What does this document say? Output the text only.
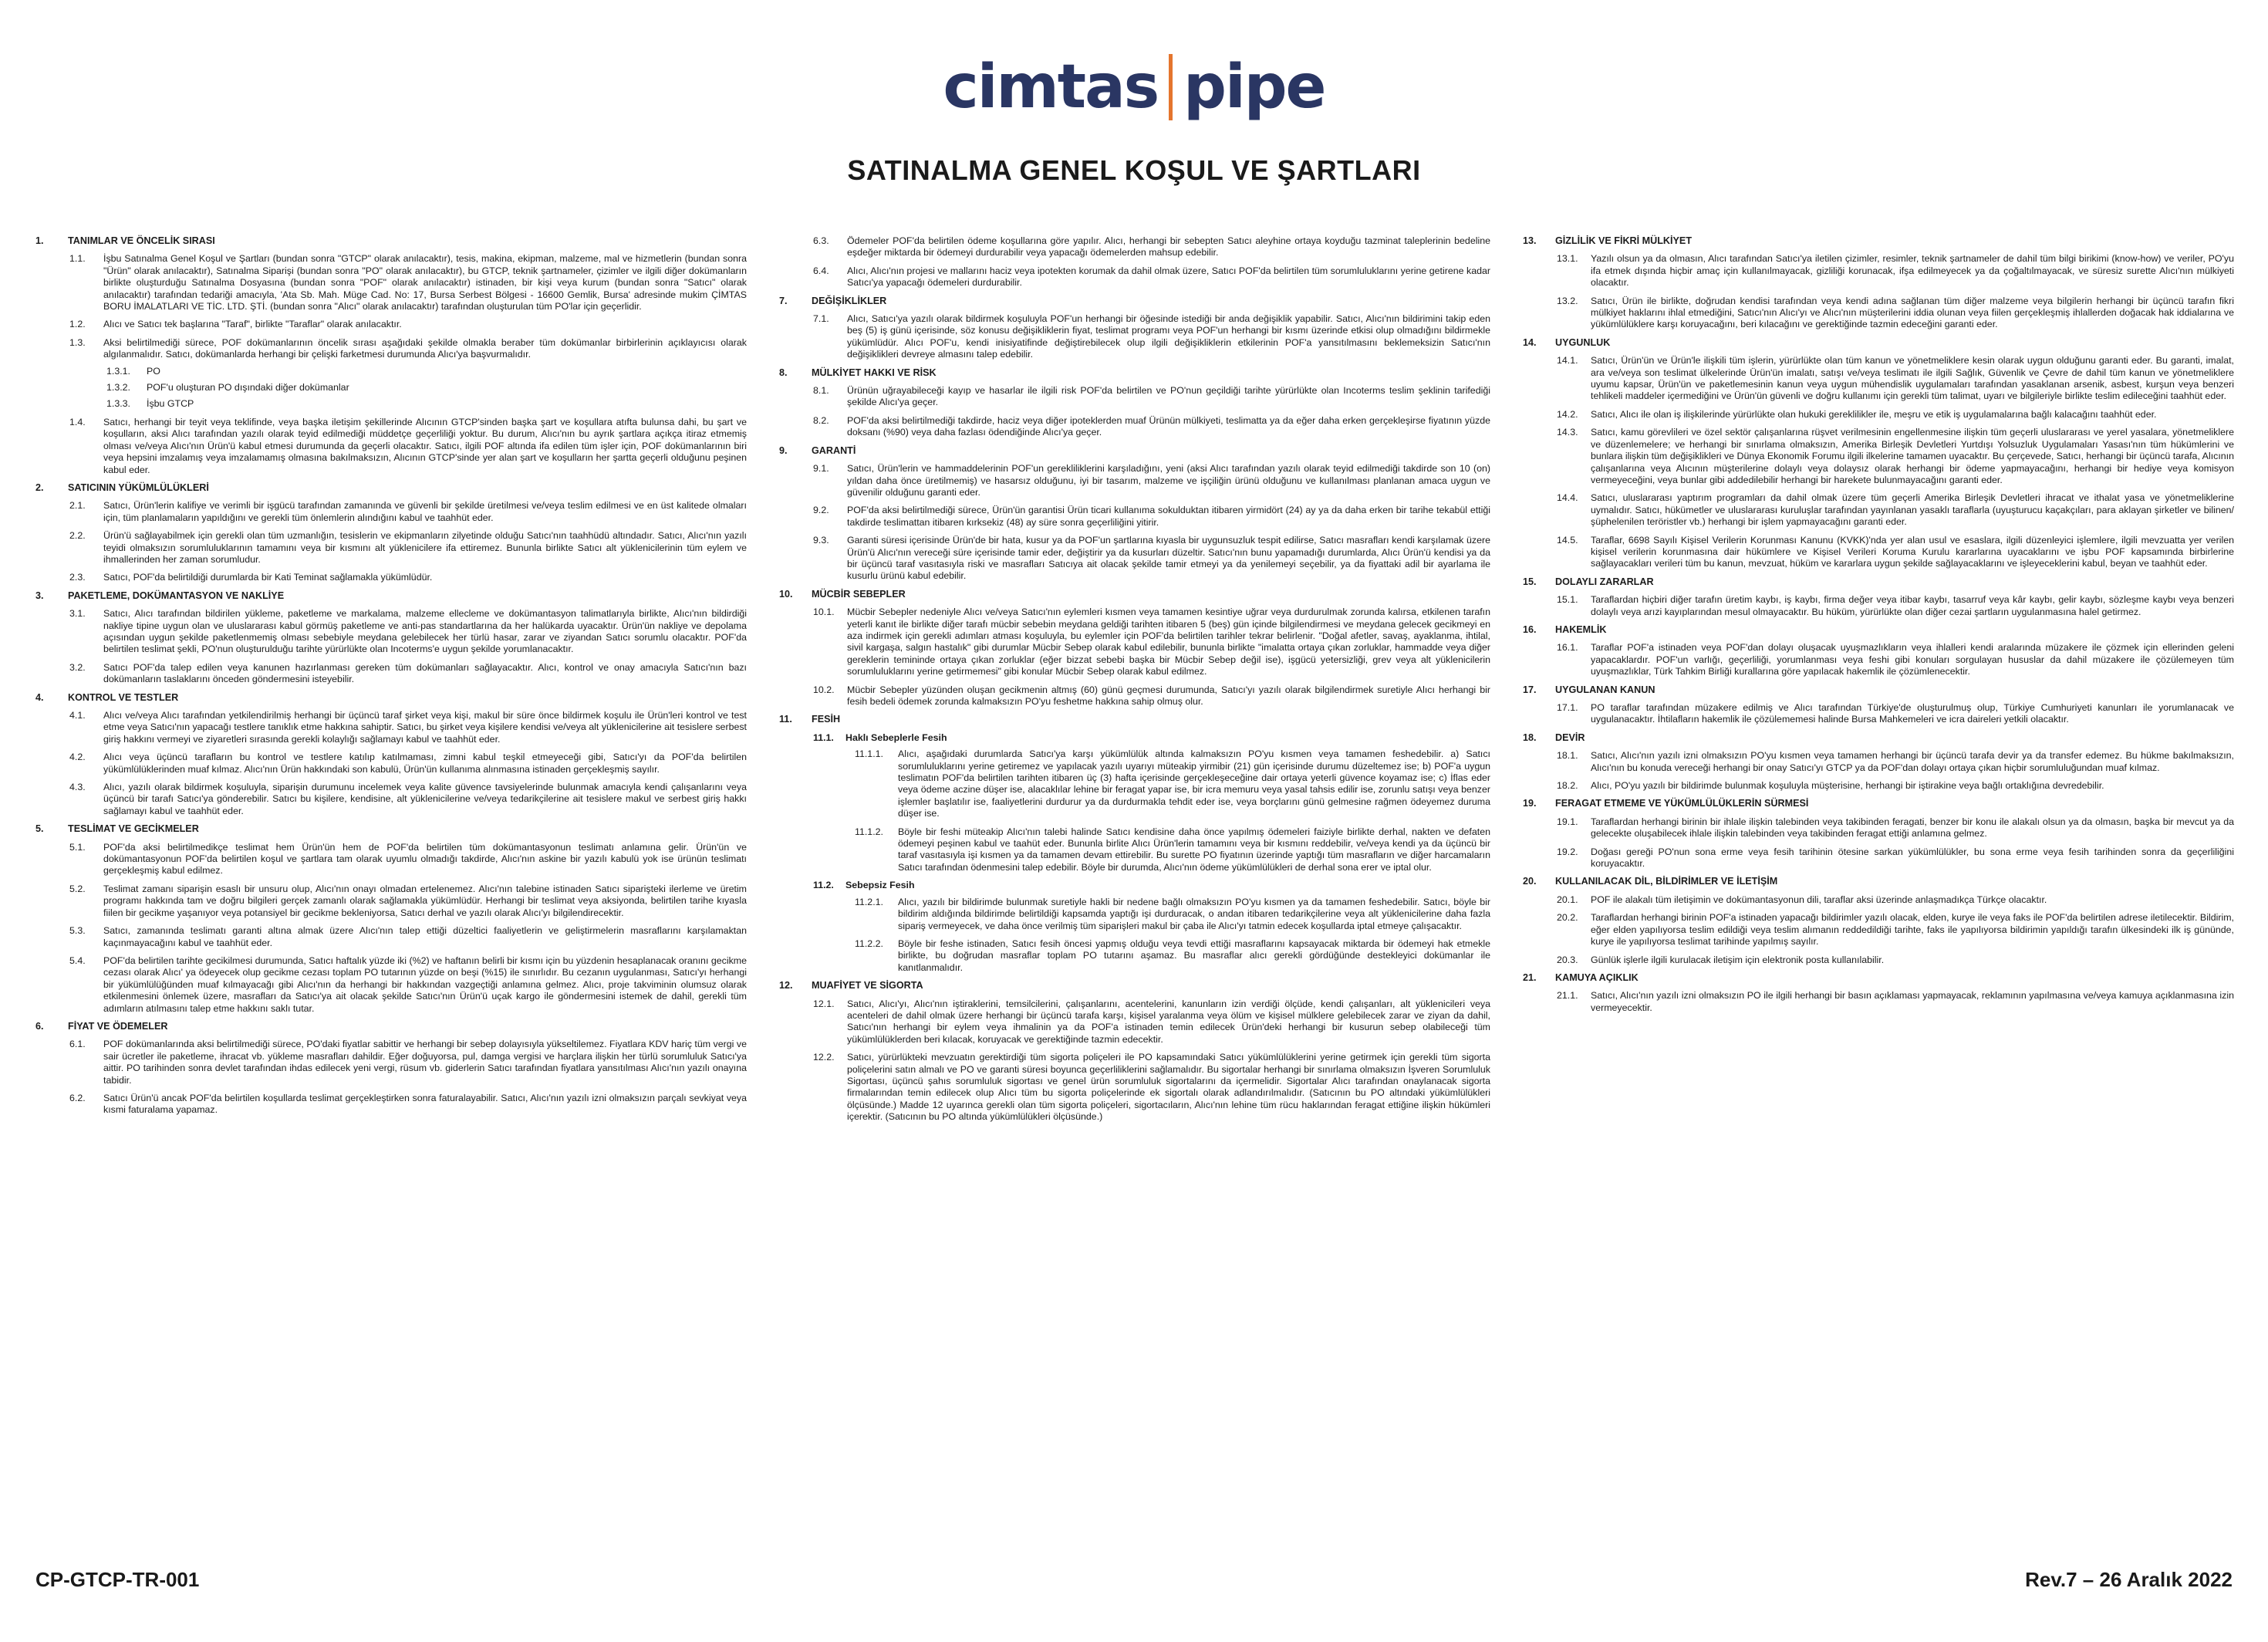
cimtas pipe
SATINALMA GENEL KOŞUL VE ŞARTLARI
1.	TANIMLAR VE ÖNCELİK SIRASI
1.1.	İşbu Satınalma Genel Koşul ve Şartları (bundan sonra "GTCP" olarak anılacaktır), tesis, makina, ekipman, malzeme, mal ve hizmetlerin (bundan sonra "Ürün" olarak anılacaktır), Satınalma Siparişi (bundan sonra "PO" olarak anılacaktır), bu GTCP, teknik şartnameler, çizimler ve ilgili diğer dokümanların birlikte oluşturduğu Satınalma Dosyasına (bundan sonra "POF" olarak anılacaktır) istinaden, bir kişi veya kurum (bundan sonra "Satıcı" olarak anılacaktır) tarafından tedariği amacıyla, 'Ata Sb. Mah. Müge Cad. No: 17, Bursa Serbest Bölgesi - 16600 Gemlik, Bursa' adresinde mukim ÇİMTAS BORU İMALATLARI VE TİC. LTD. ŞTİ. (bundan sonra "Alıcı" olarak anılacaktır) tarafından oluşturulan tüm PO'lar için geçerlidir.
1.2.	Alıcı ve Satıcı tek başlarına "Taraf", birlikte "Taraflar" olarak anılacaktır.
1.3.	Aksi belirtilmediği sürece, POF dokümanlarının öncelik sırası aşağıdaki şekilde olmakla beraber tüm dokümanlar birbirlerinin açıklayıcısı olarak algılanmalıdır. Satıcı, dokümanlarda herhangi bir çelişki farketmesi durumunda Alıcı'ya başvurmalıdır.
1.3.1.	PO
1.3.2.	POF'u oluşturan PO dışındaki diğer dokümanlar
1.3.3.	İşbu GTCP
1.4.	Satıcı, herhangi bir teyit veya teklifinde, veya başka iletişim şekillerinde Alıcının GTCP'sinden başka şart ve koşullara atıfta bulunsa dahi, bu şart ve koşulların, aksi Alıcı tarafından yazılı olarak teyid edilmediği müddetçe geçerliliği yoktur. Bu durum, Alıcı'nın bu ayrık şartlara açıkça itiraz etmemiş olması ve/veya Alıcı'nın Ürün'ü kabul etmesi durumunda da geçerli olacaktır. Satıcı, ilgili POF altında ifa edilen tüm işler için, POF dokümanlarının biri veya hepsini imzalamış veya imzalamamış olmasına bakılmaksızın, Alıcının GTCP'sinde yer alan şart ve koşulların her şartta geçerli olduğunu peşinen kabul eder.
2.	SATICININ YÜKÜMLÜLÜKLERİ
2.1.	Satıcı, Ürün'lerin kalifiye ve verimli bir işgücü tarafından zamanında ve güvenli bir şekilde üretilmesi ve/veya teslim edilmesi ve en üst kalitede olmaları için, tüm planlamaların yapıldığını ve gerekli tüm önlemlerin alındığını kabul ve taahhüt eder.
2.2.	Ürün'ü sağlayabilmek için gerekli olan tüm uzmanlığın, tesislerin ve ekipmanların zilyetinde olduğu Satıcı'nın taahhüdü altındadır. Satıcı, Alıcı'nın yazılı teyidi olmaksızın sorumluluklarının tamamını veya bir kısmını alt yüklenicilere ifa ettiremez. Bununla birlikte Satıcı alt yüklenicilerinin tüm eylem ve ihmallerinden her zaman sorumludur.
2.3.	Satıcı, POF'da belirtildiği durumlarda bir Kati Teminat sağlamakla yükümlüdür.
3.	PAKETLEME, DOKÜMANTASYON VE NAKLİYE
3.1.	Satıcı, Alıcı tarafından bildirilen yükleme, paketleme ve markalama, malzeme ellecleme ve dokümantasyon talimatlarıyla birlikte, Alıcı'nın bildirdiği nakliye tipine uygun olan ve uluslararası kabul görmüş paketleme ve anti-pas standartlarına da her halükarda uyacaktır. Ürün'ün nakliye ve depolama açısından uygun şekilde paketlenmemiş olması sebebiyle meydana gelebilecek her türlü hasar, zarar ve ziyandan Satıcı sorumlu olacaktır. POF'da belirtilen teslimat şekli, PO'nun oluşturulduğu tarihte yürürlükte olan Incoterms'e uygun şekilde yorumlanacaktır.
3.2.	Satıcı POF'da talep edilen veya kanunen hazırlanması gereken tüm dokümanları sağlayacaktır. Alıcı, kontrol ve onay amacıyla Satıcı'nın bazı dokümanların taslaklarını önceden göndermesini isteyebilir.
4.	KONTROL VE TESTLER
4.1.	Alıcı ve/veya Alıcı tarafından yetkilendirilmiş herhangi bir üçüncü taraf şirket veya kişi, makul bir süre önce bildirmek koşulu ile Ürün'leri kontrol ve test etme veya Satıcı'nın yapacağı testlere tanıklık etme hakkına sahiptir. Satıcı, bu şirket veya kişilere kendisi ve/veya alt yüklenicilerine ait tesislere serbest giriş hakkını vermeyi ve ziyaretleri sırasında gerekli kolaylığı sağlamayı kabul ve taahhüt eder.
4.2.	Alıcı veya üçüncü tarafların bu kontrol ve testlere katılıp katılmaması, zimni kabul teşkil etmeyeceği gibi, Satıcı'yı da POF'da belirtilen yükümlülüklerinden muaf kılmaz. Alıcı'nın Ürün hakkındaki son kabulü, Ürün'ün kullanıma alınmasına istinaden gerçekleşmiş sayılır.
4.3.	Alıcı, yazılı olarak bildirmek koşuluyla, siparişin durumunu incelemek veya kalite güvence tavsiyelerinde bulunmak amacıyla kendi çalışanlarını veya üçüncü bir tarafı Satıcı'ya gönderebilir. Satıcı bu kişilere, kendisine, alt yüklenicilerine ve/veya tedarikçilerine ait tesislere makul ve serbest giriş hakkı sağlamayı kabul ve taahhüt eder.
5.	TESLİMAT VE GECİKMELER
5.1.	POF'da aksi belirtilmedikçe teslimat hem Ürün'ün hem de POF'da belirtilen tüm dokümantasyonun teslimatı anlamına gelir. Ürün'ün ve dokümantasyonun POF'da belirtilen koşul ve şartlara tam olarak uyumlu olmadığı takdirde, Alıcı'nın askine bir yazılı kabulü yok ise ürünün teslimatı gerçekleşmiş kabul edilmez.
5.2.	Teslimat zamanı siparişin esaslı bir unsuru olup, Alıcı'nın onayı olmadan ertelenemez. Alıcı'nın talebine istinaden Satıcı siparişteki ilerleme ve üretim programı hakkında tam ve doğru bilgileri gerçek zamanlı olarak sağlamakla yükümlüdür. Herhangi bir teslimat veya aksiyonda, belirtilen tarihe kıyasla fiilen bir gecikme yaşanıyor veya potansiyel bir gecikme bekleniyorsa, Satıcı derhal ve yazılı olarak Alıcı'yı bilgilendirecektir.
5.3.	Satıcı, zamanında teslimatı garanti altına almak üzere Alıcı'nın talep ettiği düzeltici faaliyetlerin ve geliştirmelerin masraflarını karşılamaktan kaçınmayacağını kabul ve taahhüt eder.
5.4.	POF'da belirtilen tarihte gecikilmesi durumunda, Satıcı haftalık yüzde iki (%2) ve haftanın belirli bir kısmı için bu yüzdenin hesaplanacak oranını gecikme cezası olarak Alıcı' ya ödeyecek olup gecikme cezası toplam PO tutarının yüzde on beşi (%15) ile sınırlıdır. Bu cezanın uygulanması, Satıcı'yı herhangi bir yükümlülüğünden muaf kılmayacağı gibi Alıcı'nın da herhangi bir hakkından vazgeçtiği anlamına gelmez. Alıcı, proje takviminin olumsuz olarak etkilenmesini önlemek üzere, masrafları da Satıcı'ya ait olacak şekilde Satıcı'nın Ürün'ü uçak kargo ile göndermesini istemek de dahil, gerekli tüm adımların atılmasını talep etme hakkını saklı tutar.
6.	FİYAT VE ÖDEMELER
6.1.	POF dokümanlarında aksi belirtilmediği sürece, PO'daki fiyatlar sabittir ve herhangi bir sebep dolayısıyla yükseltilemez. Fiyatlara KDV hariç tüm vergi ve sair ücretler ile paketleme, ihracat vb. yükleme masrafları dahildir. Eğer doğuyorsa, pul, damga vergisi ve harçlara ilişkin her türlü sorumluluk Satıcı'ya aittir. PO tarihinden sonra devlet tarafından ihdas edilecek yeni vergi, rüsum vb. giderlerin Satıcı tarafından fiyatlara yansıtılması Alıcı'nın yazılı onayına tabidir.
6.2.	Satıcı Ürün'ü ancak POF'da belirtilen koşullarda teslimat gerçekleştirken sonra faturalayabilir. Satıcı, Alıcı'nın yazılı izni olmaksızın parçalı sevkiyat veya kısmi faturalama yapamaz.
6.3.	Ödemeler POF'da belirtilen ödeme koşullarına göre yapılır. Alıcı, herhangi bir sebepten Satıcı aleyhine ortaya koyduğu tazminat taleplerinin bedeline eşdeğer miktarda bir ödemeyi durdurabilir veya yapacağı ödemelerden mahsup edebilir.
6.4.	Alıcı, Alıcı'nın projesi ve mallarını haciz veya ipotekten korumak da dahil olmak üzere, Satıcı POF'da belirtilen tüm sorumluluklarını yerine getirene kadar Satıcı'ya yapacağı ödemeleri durdurabilir.
7.	DEĞİŞİKLİKLER
7.1.	Alıcı, Satıcı'ya yazılı olarak bildirmek koşuluyla POF'un herhangi bir öğesinde istediği bir anda değişiklik yapabilir. Satıcı, Alıcı'nın bildirimini takip eden beş (5) iş günü içerisinde, söz konusu değişikliklerin fiyat, teslimat programı veya POF'un herhangi bir kısmı üzerinde etkisi olup olmadığını bildirmekle yükümlüdür. Alıcı POF'u, kendi inisiyatifinde değiştirebilecek olup ilgili değişikliklerin etkilerinin POF'a yansıtılmasını beklemeksizin Satıcı'nın değişiklikleri devreye almasını talep edebilir.
8.	MÜLKİYET HAKKI VE RİSK
8.1.	Ürünün uğrayabileceği kayıp ve hasarlar ile ilgili risk POF'da belirtilen ve PO'nun geçildiği tarihte yürürlükte olan Incoterms teslim şeklinin tarifediği şekilde Alıcı'ya geçer.
8.2.	POF'da aksi belirtilmediği takdirde, haciz veya diğer ipoteklerden muaf Ürünün mülkiyeti, teslimatta ya da eğer daha erken gerçekleşirse fiyatının yüzde doksanı (%90) veya daha fazlası ödendiğinde Alıcı'ya geçer.
9.	GARANTİ
9.1.	Satıcı, Ürün'lerin ve hammaddelerinin POF'un gerekliliklerini karşıladığını, yeni (aksi Alıcı tarafından yazılı olarak teyid edilmediği takdirde son 10 (on) yıldan daha önce üretilmemiş) ve hasarsız olduğunu, iyi bir tasarım, malzeme ve işçiliğin ürünü olduğunu ve kullanılması planlanan amaca uygun ve güvenilir olduğunu garanti eder.
9.2.	POF'da aksi belirtilmediği sürece, Ürün'ün garantisi Ürün ticari kullanıma sokulduktan itibaren yirmidört (24) ay ya da daha erken bir tarihe tekabül ettiği takdirde teslimattan itibaren kırksekiz (48) ay süre sonra geçerliliğini yitirir.
9.3.	Garanti süresi içerisinde Ürün'de bir hata, kusur ya da POF'un şartlarına kıyasla bir uygunsuzluk tespit edilirse, Satıcı masrafları kendi karşılamak üzere Ürün'ü Alıcı'nın vereceği süre içerisinde tamir eder, değiştirir ya da kusurları düzeltir. Satıcı'nın bunu yapamadığı durumlarda, Alıcı Ürün'ü kendisi ya da bir üçüncü taraf vasıtasıyla riski ve masrafları Satıcıya ait olacak şekilde tamir etmeyi ya da yenilemeyi seçebilir, ya da fiyattaki adil bir ayarlama ile kusurlu ürünü kabul edebilir.
10.	MÜCBİR SEBEPLER
10.1.	Mücbir Sebepler nedeniyle Alıcı ve/veya Satıcı'nın eylemleri kısmen veya tamamen kesintiye uğrar veya durdurulmak zorunda kalırsa, etkilenen tarafın yeterli kanıt ile birlikte diğer tarafı mücbir sebebin meydana geldiği tarihten itibaren 5 (beş) gün içinde bilgilendirmesi ve meydana gelecek gecikmeyi en aza indirmek için gerekli adımları atması koşuluyla, bu eylemler için POF'da belirtilen tarihler tekrar belirlenir. "Doğal afetler, savaş, ayaklanma, ihtilal, sivil kargaşa, salgın hastalık" gibi durumlar Mücbir Sebep olarak kabul edilebilir, bununla birlikte "imalatta ortaya çıkan zorluklar, hammadde veya diğer gereklerin temininde ortaya çıkan zorluklar (eğer bizzat sebebi başka bir Mücbir Sebep değil ise), işgücü yetersizliği, grev veya alt yüklenicilerin sorumluluklarını yerine getirmemesi" gibi konular Mücbir Sebep olarak kabul edilmez.
10.2.	Mücbir Sebepler yüzünden oluşan gecikmenin altmış (60) günü geçmesi durumunda, Satıcı'yı yazılı olarak bilgilendirmek suretiyle Alıcı herhangi bir fesih bedeli ödemek zorunda kalmaksızın PO'yu feshetme hakkına sahip olmuş olur.
11.	FESİH
11.1.	Haklı Sebeplerle Fesih
11.1.1.	Alıcı, aşağıdaki durumlarda Satıcı'ya karşı yükümlülük altında kalmaksızın PO'yu kısmen veya tamamen feshedebilir. a) Satıcı sorumluluklarını yerine getiremez ve yapılacak yazılı uyarıyı müteakip yirmibir (21) gün içerisinde durumu düzeltemez ise; b) POF'a uygun teslimatın POF'da belirtilen tarihten itibaren üç (3) hafta içerisinde gerçekleşeceğine dair ortaya yeterli güvence koyamaz ise; c) İflas eder veya ödeme aczine düşer ise, alacaklılar lehine bir feragat yapar ise, bir icra memuru veya yasal tahsis edilir ise, zorunlu satışı veya benzer işlemler başlatılır ise, faaliyetlerini durdurur ya da durdurmakla tehdit eder ise, veya borçlarını günü gelmesine rağmen ödeyemez duruma düşer ise.
11.1.2.	Böyle bir feshi müteakip Alıcı'nın talebi halinde Satıcı kendisine daha önce yapılmış ödemeleri faiziyle birlikte derhal, nakten ve defaten ödemeyi peşinen kabul ve taahüt eder. Bununla birlite Alıcı Ürün'lerin tamamını veya bir kısmını reddebilir, ve/veya kendi ya da üçüncü bir taraf vasıtasıyla işi kısmen ya da tamamen devam ettirebilir. Bu surette PO fiyatının üzerinde yaptığı tüm masrafların ve diğer harcamaların Satıcı tarafından ödenmesini talep edebilir. Böyle bir durumda, Alıcı'nın ödeme yükümlülükleri de derhal sona erer ve iptal olur.
11.2.	Sebepsiz Fesih
11.2.1.	Alıcı, yazılı bir bildirimde bulunmak suretiyle hakli bir nedene bağlı olmaksızın PO'yu kısmen ya da tamamen feshedebilir. Satıcı, böyle bir bildirim aldığında bildirimde belirtildiği kapsamda yaptığı işi durduracak, o andan itibaren tedarikçilerine veya alt yüklenicilerine daha fazla sipariş vermeyecek, ve daha önce verilmiş tüm siparişleri makul bir çaba ile Alıcı'yı tatmin edecek koşullarda iptal etmeye çalışacaktır.
11.2.2.	Böyle bir feshe istinaden, Satıcı fesih öncesi yapmış olduğu veya tevdi ettiği masraflarını kapsayacak miktarda bir ödemeyi hak etmekle birlikte, bu doğrudan masraflar toplam PO tutarını aşamaz. Bu masraflar alıcı gerekli gördüğünde destekleyici dokümanlar ile kanıtlanmalıdır.
12.	MUAFİYET VE SİGORTA
12.1.	Satıcı, Alıcı'yı, Alıcı'nın iştiraklerini, temsilcilerini, çalışanlarını, acentelerini, kanunların izin verdiği ölçüde, kendi çalışanları, alt yüklenicileri veya acenteleri de dahil olmak üzere herhangi bir üçüncü tarafa karşı, kişisel yaralanma veya ölüm ve kişisel mülklere gelebilecek zarar ve ziyan da dahil, Satıcı'nın herhangi bir eylem veya ihmalinin ya da POF'a istinaden temin edilecek Ürün'deki herhangi bir kusurun sebep olabileceği tüm yükümlülüklerden beri kılacak, koruyacak ve gerektiğinde tazmin edecektir.
12.2.	Satıcı, yürürlükteki mevzuatın gerektirdiği tüm sigorta poliçeleri ile PO kapsamındaki Satıcı yükümlülüklerini yerine getirmek için gerekli tüm sigorta poliçelerini satın almalı ve PO ve garanti süresi boyunca geçerliliklerini sağlamalıdır. Bu sigortalar herhangi bir sınırlama olmaksızın İşveren Sorumluluk Sigortası, üçüncü şahıs sorumluluk sigortası ve genel ürün sorumluluk sigortalarını da içermelidir. Sigortalar Alıcı tarafından onaylanacak sigorta firmalarından temin edilecek olup Alıcı tüm bu sigorta poliçelerinde ek sigortalı olarak adlandırılmalıdır. (Satıcının bu PO altındaki yükümlülükleri ölçüsünde.) Madde 12 uyarınca gerekli olan tüm sigorta poliçeleri, sigortacıların, Alıcı'nın lehine tüm rücu haklarından feragat ettiğine ilişkin hükümleri içerektir. (Satıcının bu PO altında yükümlülükleri ölçüsünde.)
13.	GİZLİLİK VE FİKRİ MÜLKİYET
13.1.	Yazılı olsun ya da olmasın, Alıcı tarafından Satıcı'ya iletilen çizimler, resimler, teknik şartnameler de dahil tüm bilgi birikimi (know-how) ve veriler, PO'yu ifa etmek dışında hiçbir amaç için kullanılmayacak, gizliliği korunacak, ifşa edilmeyecek ya da çoğaltılmayacak, ve süresiz surette Alıcı'nın mülkiyeti olacaktır.
13.2.	Satıcı, Ürün ile birlikte, doğrudan kendisi tarafından veya kendi adına sağlanan tüm diğer malzeme veya bilgilerin herhangi bir üçüncü tarafın fikri mülkiyet haklarını ihlal etmediğini, Satıcı'nın Alıcı'yı ve Alıcı'nın müşterilerini iddia olunan veya fiilen gerçekleşmiş ihlallerden doğacak hak iddialarına ve yükümlülüklere karşı koruyacağını, beri kılacağını ve gerektiğinde tazmin edeceğini garanti eder.
14.	UYGUNLUK
14.1.	Satıcı, Ürün'ün ve Ürün'le ilişkili tüm işlerin, yürürlükte olan tüm kanun ve yönetmeliklere kesin olarak uygun olduğunu garanti eder. Bu garanti, imalat, ara ve/veya son teslimat ülkelerinde Ürün'ün imalatı, satışı ve/veya teslimatı ile ilgili Sağlık, Güvenlik ve Çevre de dahil tüm kanun ve yönetmeliklere uyumu kapsar, Ürün'ün ve paketlemesinin kanun veya uygun mühendislik uygulamaları tarafından yasaklanan arsenik, asbest, kurşun veya benzeri tehlikeli maddeler içermediğini ve Ürün'ün güvenli ve doğru kullanımı için gerekli tüm talimat, uyarı ve bilgileriyle birlikte teslim edileceğini taahhüt eder.
14.2.	Satıcı, Alıcı ile olan iş ilişkilerinde yürürlükte olan hukuki gereklilikler ile, meşru ve etik iş uygulamalarına bağlı kalacağını taahhüt eder.
14.3.	Satıcı, kamu görevlileri ve özel sektör çalışanlarına rüşvet verilmesinin engellenmesine ilişkin tüm geçerli uluslararası ve yerel yasalara, yönetmeliklere ve düzenlemelere; ve herhangi bir sınırlama olmaksızın, Amerika Birleşik Devletleri Yurtdışı Yolsuzluk Uygulamaları Yasası'nın tüm hükümlerini ve bunlara ilişkin tüm değişiklikleri ve Dünya Ekonomik Forumu ilgili ilkelerine tamamen uyacaktır. Bu çerçevede, Satıcı, herhangi bir üçüncü tarafa, Alıcının çalışanlarına veya Alıcının müşterilerine dolaylı veya dolaysız olarak herhangi bir ödeme yapmayacağını, herhangi bir hediye veya komisyon vermeyeceğini, veya bunlar gibi addedilebilir herhangi bir harekete bulunmayacağını garanti eder.
14.4.	Satıcı, uluslararası yaptırım programları da dahil olmak üzere tüm geçerli Amerika Birleşik Devletleri ihracat ve ithalat yasa ve yönetmeliklerine uymalıdır. Satıcı, hükümetler ve uluslararası kuruluşlar tarafından yayınlanan yasaklı taraflarla (uyuşturucu kaçakçıları, para aklayan şirketler ve bilinen/şüphelenilen teröristler vb.) herhangi bir işlem yapmayacağını garanti eder.
14.5.	Taraflar, 6698 Sayılı Kişisel Verilerin Korunması Kanunu (KVKK)'nda yer alan usul ve esaslara, ilgili düzenleyici işlemlere, ilgili mevzuatta yer verilen kişisel verilerin korunmasına dair hükümlere ve Kişisel Verileri Koruma Kurulu kararlarına uyacaklarını ve işbu POF kapsamında birbirlerine sağlayacakları verileri tüm bu kanun, mevzuat, hüküm ve kararlara uygun şekilde sağlayacaklarını ve işleyeceklerini kabul, beyan ve taahhüt eder.
15.	DOLAYLI ZARARLAR
15.1.	Taraflardan hiçbiri diğer tarafın üretim kaybı, iş kaybı, firma değer veya itibar kaybı, tasarruf veya kâr kaybı, gelir kaybı, sözleşme kaybı veya benzeri dolaylı veya arızi kayıplarından mesul olmayacaktır. Bu hüküm, yürürlükte olan diğer cezai şartların uygulanmasına halel getirmez.
16.	HAKEMLİK
16.1.	Taraflar POF'a istinaden veya POF'dan dolayı oluşacak uyuşmazlıkların veya ihlalleri kendi aralarında müzakere ile çözmek için ellerinden geleni yapacaklardır. POF'un varlığı, geçerliliği, yorumlanması veya feshi gibi konuları sorgulayan hususlar da dahil müzakere ile çözülemeyen tüm uyuşmazlıklar, Türk Tahkim Birliği kurallarına göre yapılacak hakemlik ile çözümlenecektir.
17.	UYGULANAN KANUN
17.1.	PO taraflar tarafından müzakere edilmiş ve Alıcı tarafından Türkiye'de oluşturulmuş olup, Türkiye Cumhuriyeti kanunları ile yorumlanacak ve uygulanacaktır. İhtilafların hakemlik ile çözülememesi halinde Bursa Mahkemeleri ve icra daireleri yetkili olacaktır.
18.	DEVİR
18.1.	Satıcı, Alıcı'nın yazılı izni olmaksızın PO'yu kısmen veya tamamen herhangi bir üçüncü tarafa devir ya da transfer edemez. Bu hükme bakılmaksızın, Alıcı'nın bu konuda vereceği herhangi bir onay Satıcı'yı GTCP ya da POF'dan dolayı ortaya çıkan hiçbir sorumluluğundan muaf kılmaz.
18.2.	Alıcı, PO'yu yazılı bir bildirimde bulunmak koşuluyla müşterisine, herhangi bir iştirakine veya bağlı ortaklığına devredebilir.
19.	FERAGAT ETMEME VE YÜKÜMLÜLÜKLERİN SÜRMESİ
19.1.	Taraflardan herhangi birinin bir ihlale ilişkin talebinden veya takibinden feragati, benzer bir konu ile alakalı olsun ya da olmasın, başka bir mevcut ya da gelecekte oluşabilecek ihlale ilişkin talebinden veya takibinden feragat ettiği anlamına gelmez.
19.2.	Doğası gereği PO'nun sona erme veya fesih tarihinin ötesine sarkan yükümlülükler, bu sona erme veya fesih tarihinden sonra da geçerliliğini koruyacaktır.
20.	KULLANILACAK DİL, BİLDİRİMLER VE İLETİŞİM
20.1.	POF ile alakalı tüm iletişimin ve dokümantasyonun dili, taraflar aksi üzerinde anlaşmadıkça Türkçe olacaktır.
20.2.	Taraflardan herhangi birinin POF'a istinaden yapacağı bildirimler yazılı olacak, elden, kurye ile veya faks ile POF'da belirtilen adrese iletilecektir. Bildirim, eğer elden yapılıyorsa teslim edildiği veya teslim alımanın reddedildiği tarihte, faks ile yapılıyorsa bildirimin yapıldığı tarafın ülkesindeki ilk iş gününde, kurye ile yapılıyorsa teslimat tarihinde yapılmış sayılır.
20.3.	Günlük işlerle ilgili kurulacak iletişim için elektronik posta kullanılabilir.
21.	KAMUYA AÇIKLIK
21.1.	Satıcı, Alıcı'nın yazılı izni olmaksızın PO ile ilgili herhangi bir basın açıklaması yapmayacak, reklamının yapılmasına ve/veya kamuya açıklanmasına izin vermeyecektir.
CP-GTCP-TR-001	Rev.7 – 26 Aralık 2022
